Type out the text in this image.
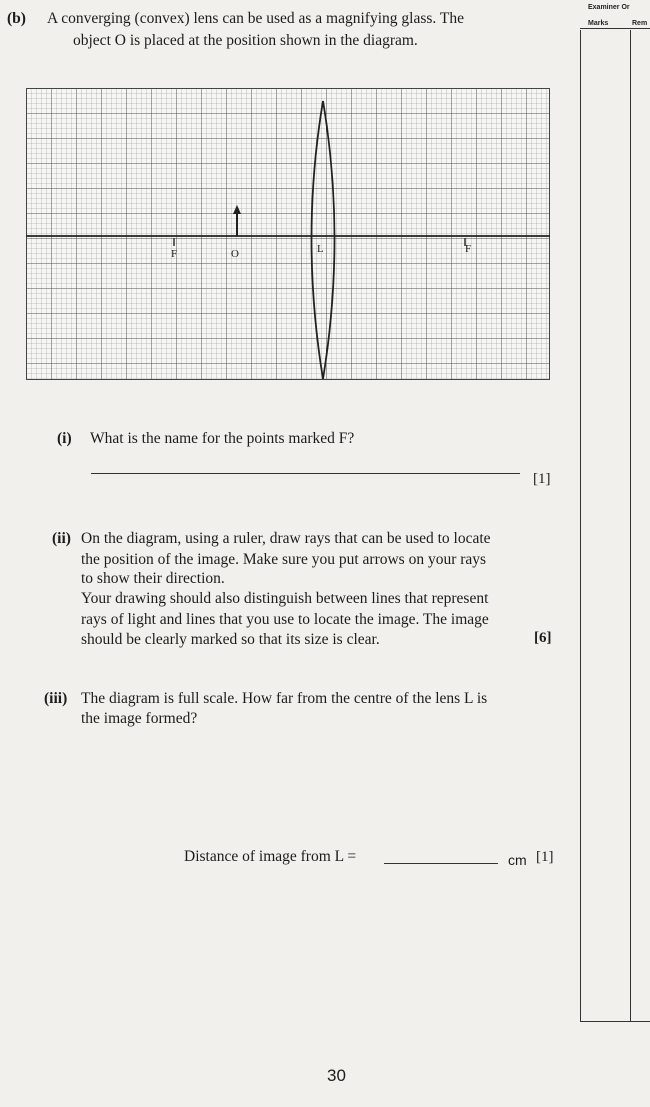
Examiner Or
Marks	Rem
(b) A converging (convex) lens can be used as a magnifying glass. The
object O is placed at the position shown in the diagram.
F	O	L	F
(i) What is the name for the points marked F?
[1]
(ii) On the diagram, using a ruler, draw rays that can be used to locate
the position of the image. Make sure you put arrows on your rays
to show their direction.
Your drawing should also distinguish between lines that represent
rays of light and lines that you use to locate the image. The image
should be clearly marked so that its size is clear.	[6]
(iii) The diagram is full scale. How far from the centre of the lens L is
the image formed?
Distance of image from L =	cm [1]
30
